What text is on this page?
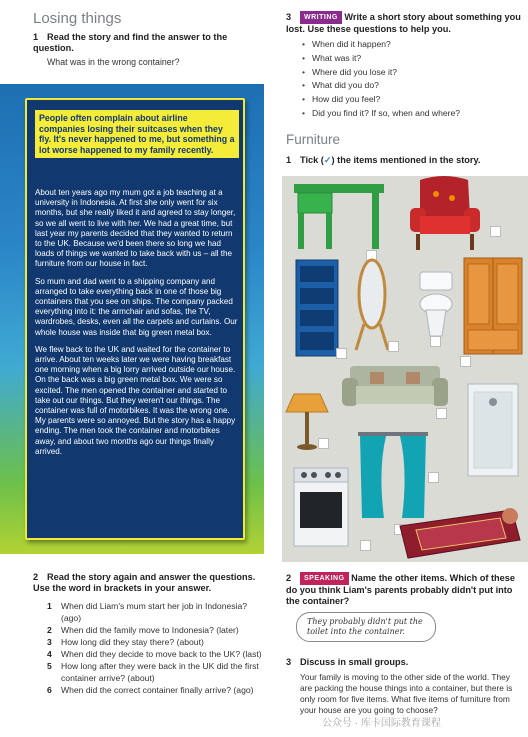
Losing things
1 Read the story and find the answer to the question.
What was in the wrong container?
People often complain about airline companies losing their suitcases when they fly. It's never happened to me, but something a lot worse happened to my family recently.

About ten years ago my mum got a job teaching at a university in Indonesia. At first she only went for six months, but she really liked it and agreed to stay longer, so we all went to live with her. We had a great time, but last year my parents decided that they wanted to return to the UK. Because we'd been there so long we had loads of things we wanted to take back with us – all the furniture from our house in fact.

So mum and dad went to a shipping company and arranged to take everything back in one of those big containers that you see on ships. The company packed everything into it: the armchair and sofas, the TV, wardrobes, desks, even all the carpets and curtains. Our whole house was inside that big green metal box.

We flew back to the UK and waited for the container to arrive. About ten weeks later we were having breakfast one morning when a big lorry arrived outside our house. On the back was a big green metal box. We were so excited. The men opened the container and started to take out our things. But they weren't our things. The container was full of motorbikes. It was the wrong one. My parents were so annoyed. But the story has a happy ending. The men took the container and motorbikes away, and about two months ago our things finally arrived.

2 Read the story again and answer the questions. Use the word in brackets in your answer.
1 When did Liam's mum start her job in Indonesia? (ago)
2 When did the family move to Indonesia? (later)
3 How long did they stay there? (about)
4 When did they decide to move back to the UK? (last)
5 How long after they were back in the UK did the first container arrive? (about)
6 When did the correct container finally arrive? (ago)
3 WRITING Write a short story about something you lost. Use these questions to help you.
• When did it happen?
• What was it?
• Where did you lose it?
• What did you do?
• How did you feel?
• Did you find it? If so, when and where?
Furniture
1 Tick (✓) the items mentioned in the story.
2 SPEAKING Name the other items. Which of these do you think Liam's parents probably didn't put into the container?
They probably didn't put the toilet into the container.
3 Discuss in small groups.
Your family is moving to the other side of the world. They are packing the house things into a container, but there is only room for five items. What five items of furniture from your house are you going to choose?
公众号 · 库卡国际教育课程
